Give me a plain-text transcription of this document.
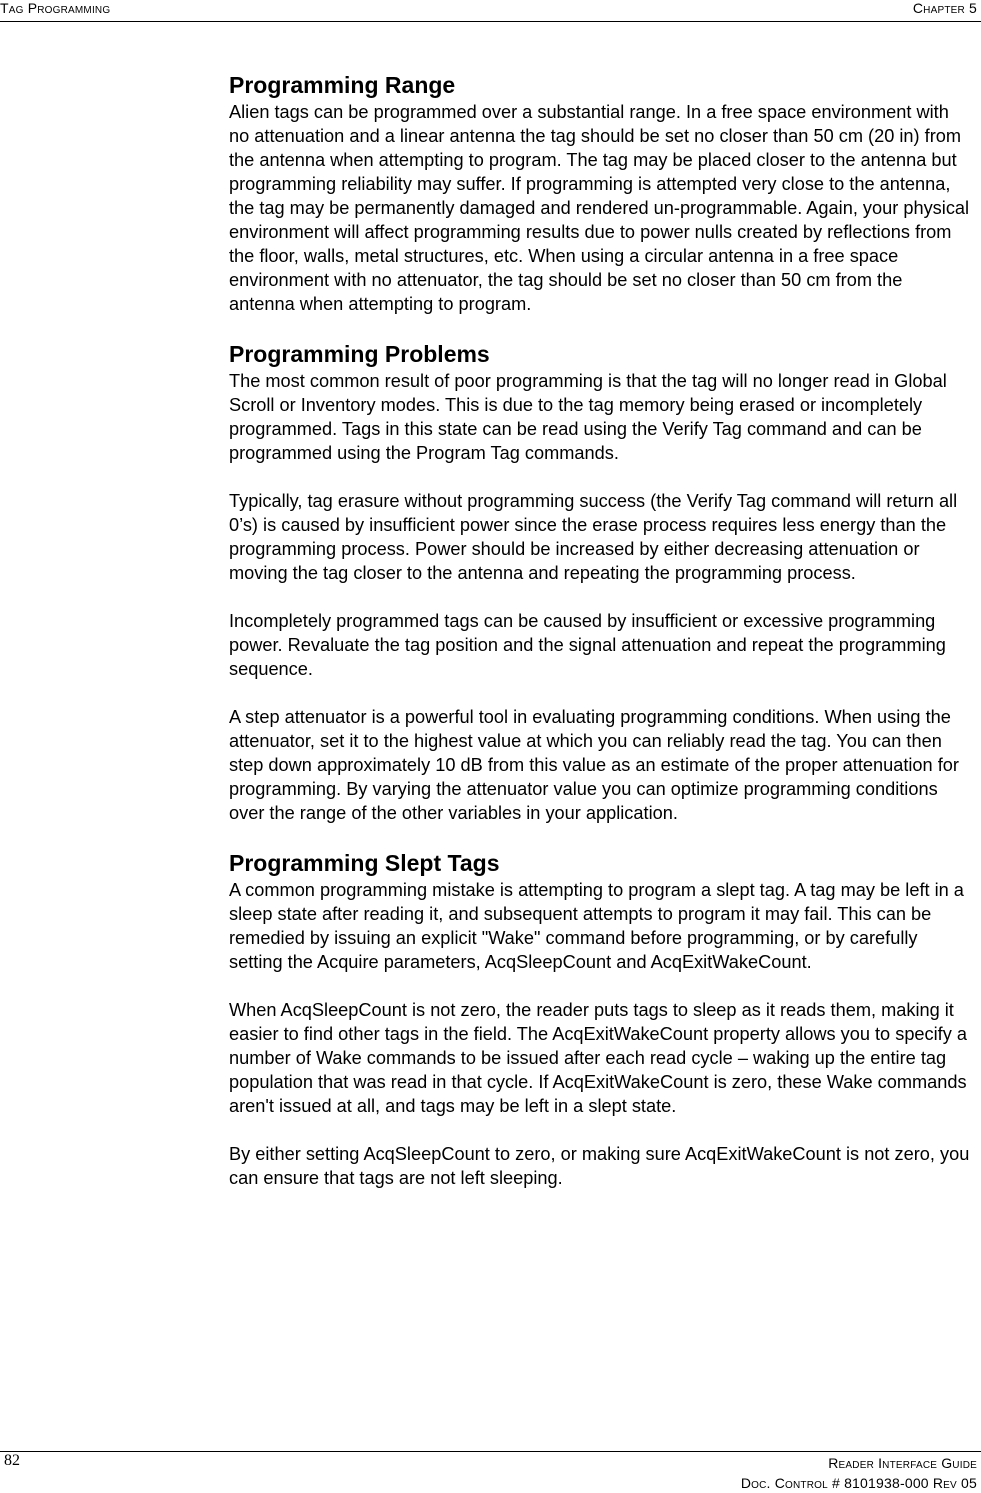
Tag Programming	Chapter 5
Programming Range

Alien tags can be programmed over a substantial range. In a free space environment with no attenuation and a linear antenna the tag should be set no closer than 50 cm (20 in) from the antenna when attempting to program. The tag may be placed closer to the antenna but programming reliability may suffer. If programming is attempted very close to the antenna, the tag may be permanently damaged and rendered un-programmable. Again, your physical environment will affect programming results due to power nulls created by reflections from the floor, walls, metal structures, etc. When using a circular antenna in a free space environment with no attenuator, the tag should be set no closer than 50 cm from the antenna when attempting to program.

Programming Problems

The most common result of poor programming is that the tag will no longer read in Global Scroll or Inventory modes. This is due to the tag memory being erased or incompletely programmed. Tags in this state can be read using the Verify Tag command and can be programmed using the Program Tag commands.

Typically, tag erasure without programming success (the Verify Tag command will return all 0’s) is caused by insufficient power since the erase process requires less energy than the programming process. Power should be increased by either decreasing attenuation or moving the tag closer to the antenna and repeating the programming process.

Incompletely programmed tags can be caused by insufficient or excessive programming power. Revaluate the tag position and the signal attenuation and repeat the programming sequence.

A step attenuator is a powerful tool in evaluating programming conditions. When using the attenuator, set it to the highest value at which you can reliably read the tag. You can then step down approximately 10 dB from this value as an estimate of the proper attenuation for programming. By varying the attenuator value you can optimize programming conditions over the range of the other variables in your application.

Programming Slept Tags

A common programming mistake is attempting to program a slept tag. A tag may be left in a sleep state after reading it, and subsequent attempts to program it may fail. This can be remedied by issuing an explicit "Wake" command before programming, or by carefully setting the Acquire parameters, AcqSleepCount and AcqExitWakeCount.

When AcqSleepCount is not zero, the reader puts tags to sleep as it reads them, making it easier to find other tags in the field. The AcqExitWakeCount property allows you to specify a number of Wake commands to be issued after each read cycle – waking up the entire tag population that was read in that cycle. If AcqExitWakeCount is zero, these Wake commands aren't issued at all, and tags may be left in a slept state.

By either setting AcqSleepCount to zero, or making sure AcqExitWakeCount is not zero, you can ensure that tags are not left sleeping.

82	Reader Interface Guide
Doc. Control # 8101938-000 Rev 05
